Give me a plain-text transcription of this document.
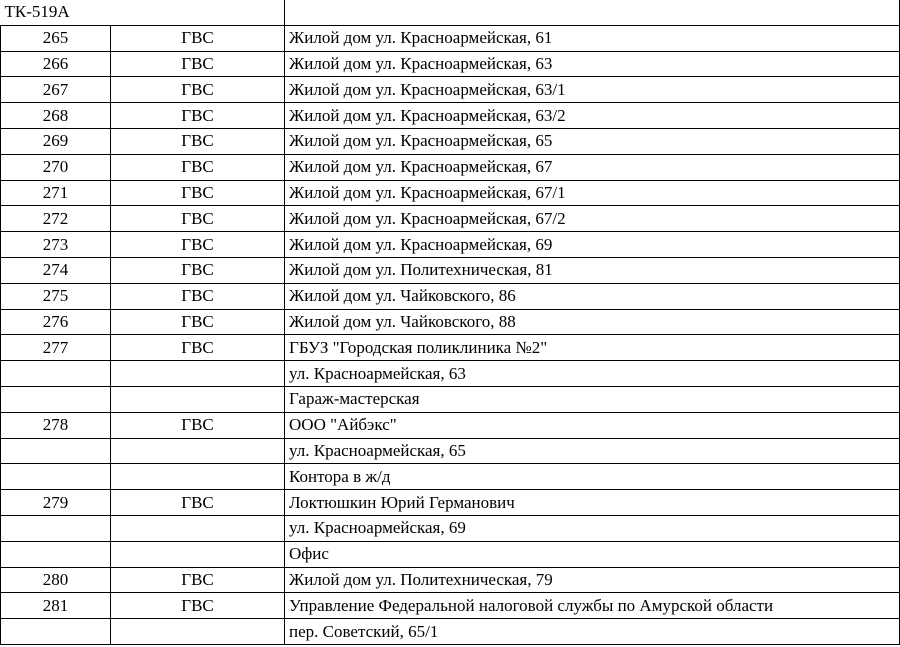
ТК-519А		
265	ГВС	Жилой дом ул. Красноармейская, 61
266	ГВС	Жилой дом ул. Красноармейская, 63
267	ГВС	Жилой дом ул. Красноармейская, 63/1
268	ГВС	Жилой дом ул. Красноармейская, 63/2
269	ГВС	Жилой дом ул. Красноармейская, 65
270	ГВС	Жилой дом ул. Красноармейская, 67
271	ГВС	Жилой дом ул. Красноармейская, 67/1
272	ГВС	Жилой дом ул. Красноармейская, 67/2
273	ГВС	Жилой дом ул. Красноармейская, 69
274	ГВС	Жилой дом ул. Политехническая, 81
275	ГВС	Жилой дом ул. Чайковского, 86
276	ГВС	Жилой дом ул. Чайковского, 88
277	ГВС	ГБУЗ "Городская поликлиника №2"
		ул. Красноармейская, 63
		Гараж-мастерская
278	ГВС	ООО "Айбэкс"
		ул. Красноармейская, 65
		Контора в ж/д
279	ГВС	Локтюшкин Юрий Германович
		ул. Красноармейская, 69
		Офис
280	ГВС	Жилой дом ул. Политехническая, 79
281	ГВС	Управление Федеральной налоговой службы по Амурской области
		пер. Советский, 65/1
